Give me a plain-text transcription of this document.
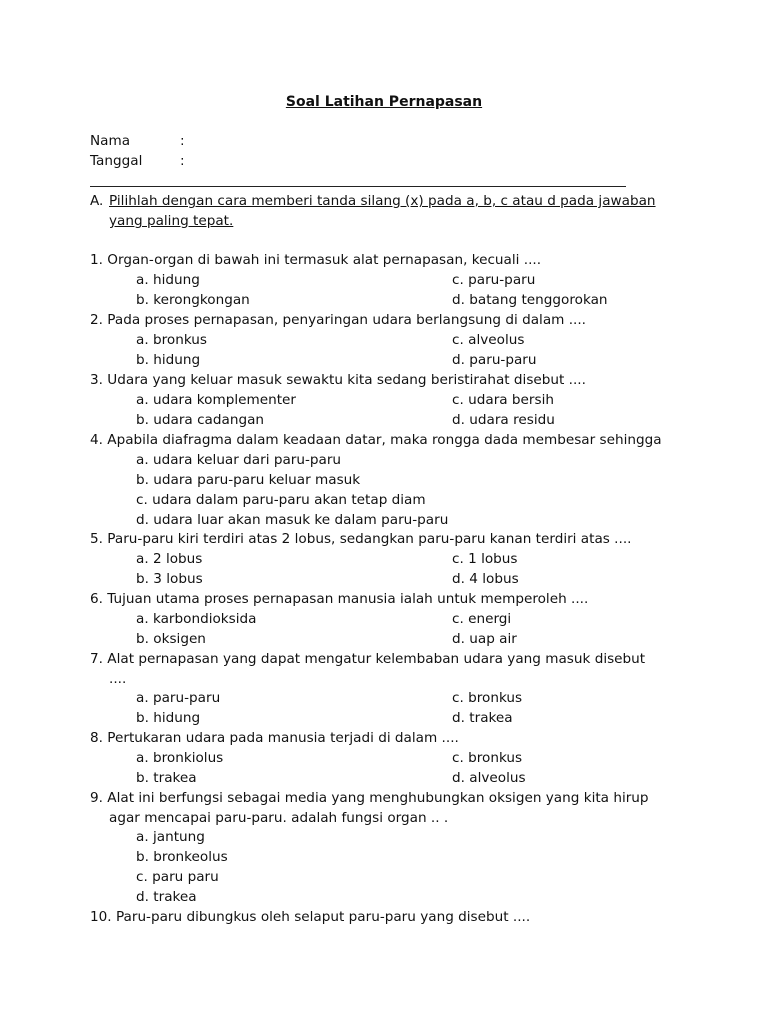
Soal Latihan Pernapasan
Nama	:
Tanggal	:
A. Pilihlah dengan cara memberi tanda silang (x) pada a, b, c atau d pada jawaban
yang paling tepat.
1. Organ-organ di bawah ini termasuk alat pernapasan, kecuali ....
a. hidung	c. paru-paru
b. kerongkongan	d. batang tenggorokan
2. Pada proses pernapasan, penyaringan udara berlangsung di dalam ....
a. bronkus	c. alveolus
b. hidung	d. paru-paru
3. Udara yang keluar masuk sewaktu kita sedang beristirahat disebut ....
a. udara komplementer	c. udara bersih
b. udara cadangan	d. udara residu
4. Apabila diafragma dalam keadaan datar, maka rongga dada membesar sehingga
a. udara keluar dari paru-paru
b. udara paru-paru keluar masuk
c. udara dalam paru-paru akan tetap diam
d. udara luar akan masuk ke dalam paru-paru
5. Paru-paru kiri terdiri atas 2 lobus, sedangkan paru-paru kanan terdiri atas ....
a. 2 lobus	c. 1 lobus
b. 3 lobus	d. 4 lobus
6. Tujuan utama proses pernapasan manusia ialah untuk memperoleh ....
a. karbondioksida	c. energi
b. oksigen	d. uap air
7. Alat pernapasan yang dapat mengatur kelembaban udara yang masuk disebut
....
a. paru-paru	c. bronkus
b. hidung	d. trakea
8. Pertukaran udara pada manusia terjadi di dalam ....
a. bronkiolus	c. bronkus
b. trakea	d. alveolus
9. Alat ini berfungsi sebagai media yang menghubungkan oksigen yang kita hirup
agar mencapai paru-paru. adalah fungsi organ .. .
a. jantung
b. bronkeolus
c. paru paru
d. trakea
10. Paru-paru dibungkus oleh selaput paru-paru yang disebut ....
